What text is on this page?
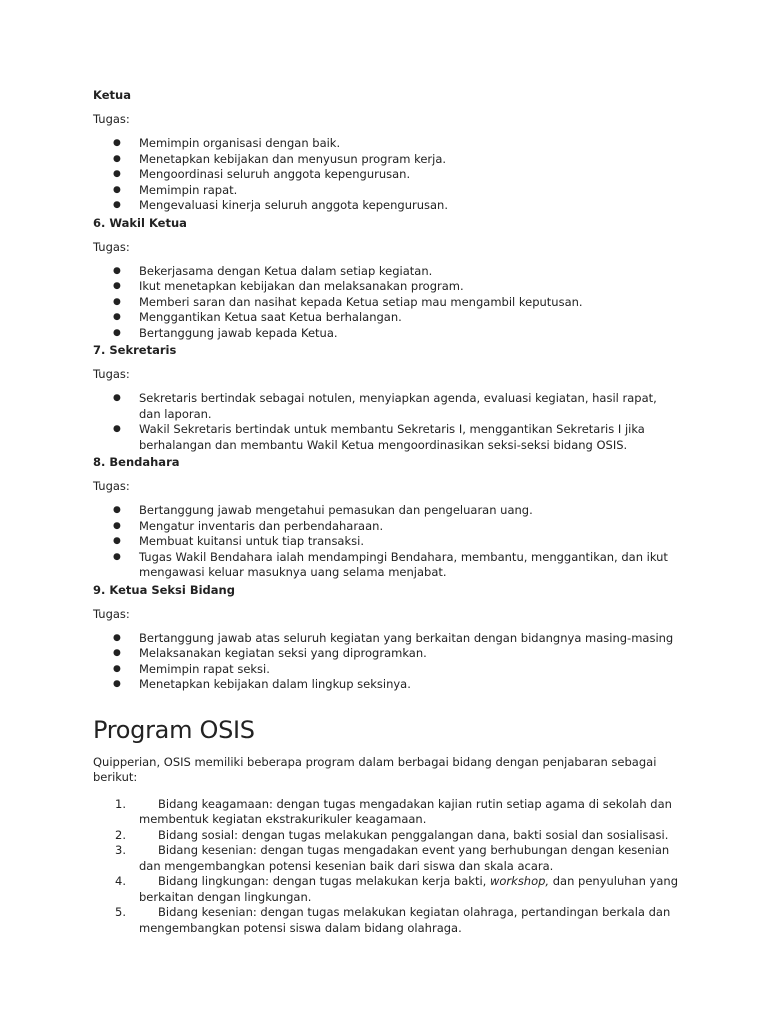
Ketua

Tugas:

● Memimpin organisasi dengan baik.
● Menetapkan kebijakan dan menyusun program kerja.
● Mengoordinasi seluruh anggota kepengurusan.
● Memimpin rapat.
● Mengevaluasi kinerja seluruh anggota kepengurusan.

6. Wakil Ketua

Tugas:

● Bekerjasama dengan Ketua dalam setiap kegiatan.
● Ikut menetapkan kebijakan dan melaksanakan program.
● Memberi saran dan nasihat kepada Ketua setiap mau mengambil keputusan.
● Menggantikan Ketua saat Ketua berhalangan.
● Bertanggung jawab kepada Ketua.

7. Sekretaris

Tugas:

● Sekretaris bertindak sebagai notulen, menyiapkan agenda, evaluasi kegiatan, hasil rapat, dan laporan.
● Wakil Sekretaris bertindak untuk membantu Sekretaris I, menggantikan Sekretaris I jika berhalangan dan membantu Wakil Ketua mengoordinasikan seksi-seksi bidang OSIS.

8. Bendahara

Tugas:

● Bertanggung jawab mengetahui pemasukan dan pengeluaran uang.
● Mengatur inventaris dan perbendaharaan.
● Membuat kuitansi untuk tiap transaksi.
● Tugas Wakil Bendahara ialah mendampingi Bendahara, membantu, menggantikan, dan ikut mengawasi keluar masuknya uang selama menjabat.

9. Ketua Seksi Bidang

Tugas:

● Bertanggung jawab atas seluruh kegiatan yang berkaitan dengan bidangnya masing-masing
● Melaksanakan kegiatan seksi yang diprogramkan.
● Memimpin rapat seksi.
● Menetapkan kebijakan dalam lingkup seksinya.
Program OSIS

Quipperian, OSIS memiliki beberapa program dalam berbagai bidang dengan penjabaran sebagai berikut:

1.	Bidang keagamaan: dengan tugas mengadakan kajian rutin setiap agama di sekolah dan membentuk kegiatan ekstrakurikuler keagamaan.
2.	Bidang sosial: dengan tugas melakukan penggalangan dana, bakti sosial dan sosialisasi.
3.	Bidang kesenian: dengan tugas mengadakan event yang berhubungan dengan kesenian dan mengembangkan potensi kesenian baik dari siswa dan skala acara.
4.	Bidang lingkungan: dengan tugas melakukan kerja bakti, workshop, dan penyuluhan yang berkaitan dengan lingkungan.
5.	Bidang kesenian: dengan tugas melakukan kegiatan olahraga, pertandingan berkala dan mengembangkan potensi siswa dalam bidang olahraga.
